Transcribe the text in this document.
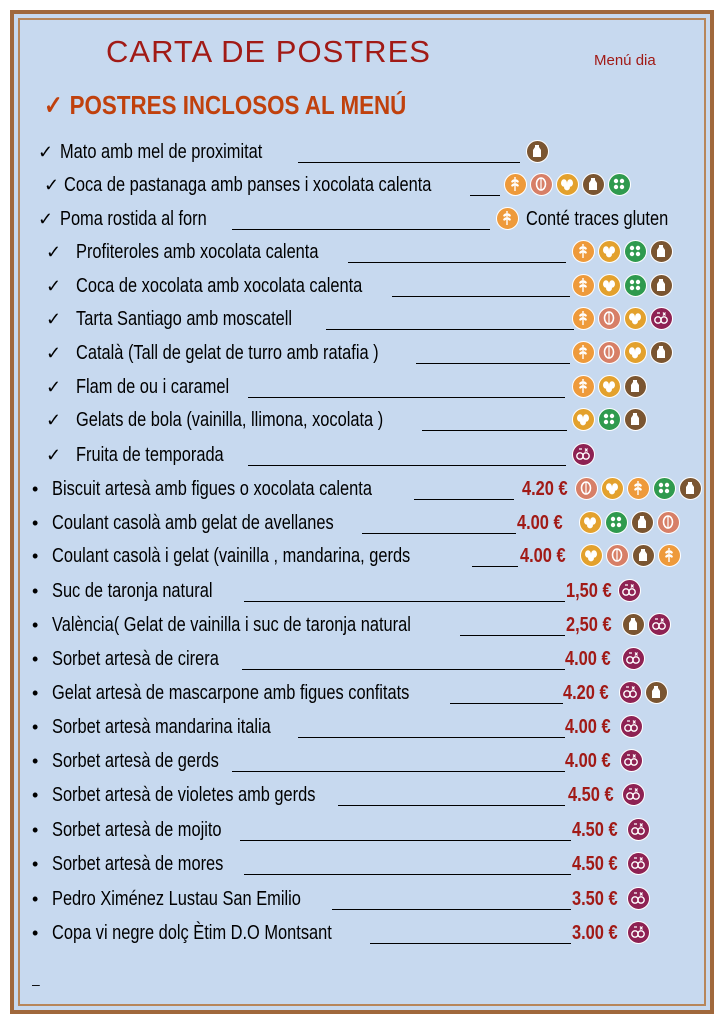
CARTA DE POSTRES	Menú dia
✓ POSTRES INCLOSOS AL MENÚ
✓ Mato amb mel de proximitat
✓ Coca de pastanaga amb panses i xocolata calenta
✓ Poma rostida al forn	Conté traces gluten
✓ Profiteroles amb xocolata calenta
✓ Coca de xocolata amb xocolata calenta
✓ Tarta Santiago amb moscatell
✓ Català (Tall de gelat de turro amb ratafia )
✓ Flam de ou i caramel
✓ Gelats de bola (vainilla, llimona, xocolata )
✓ Fruita de temporada
• Biscuit artesà amb figues o xocolata calenta	4.20 €
• Coulant casolà amb gelat de avellanes	4.00 €
• Coulant casolà i gelat (vainilla , mandarina, gerds	4.00 €
• Suc de taronja natural	1,50 €
• València( Gelat de vainilla i suc de taronja natural	2,50 €
• Sorbet artesà de cirera	4.00 €
• Gelat artesà de mascarpone amb figues confitats	4.20 €
• Sorbet artesà mandarina italia	4.00 €
• Sorbet artesà de gerds	4.00 €
• Sorbet artesà de violetes amb gerds	4.50 €
• Sorbet artesà de mojito	4.50 €
• Sorbet artesà de mores	4.50 €
• Pedro Ximénez Lustau San Emilio	3.50 €
• Copa vi negre dolç Ètim D.O Montsant	3.00 €
–
